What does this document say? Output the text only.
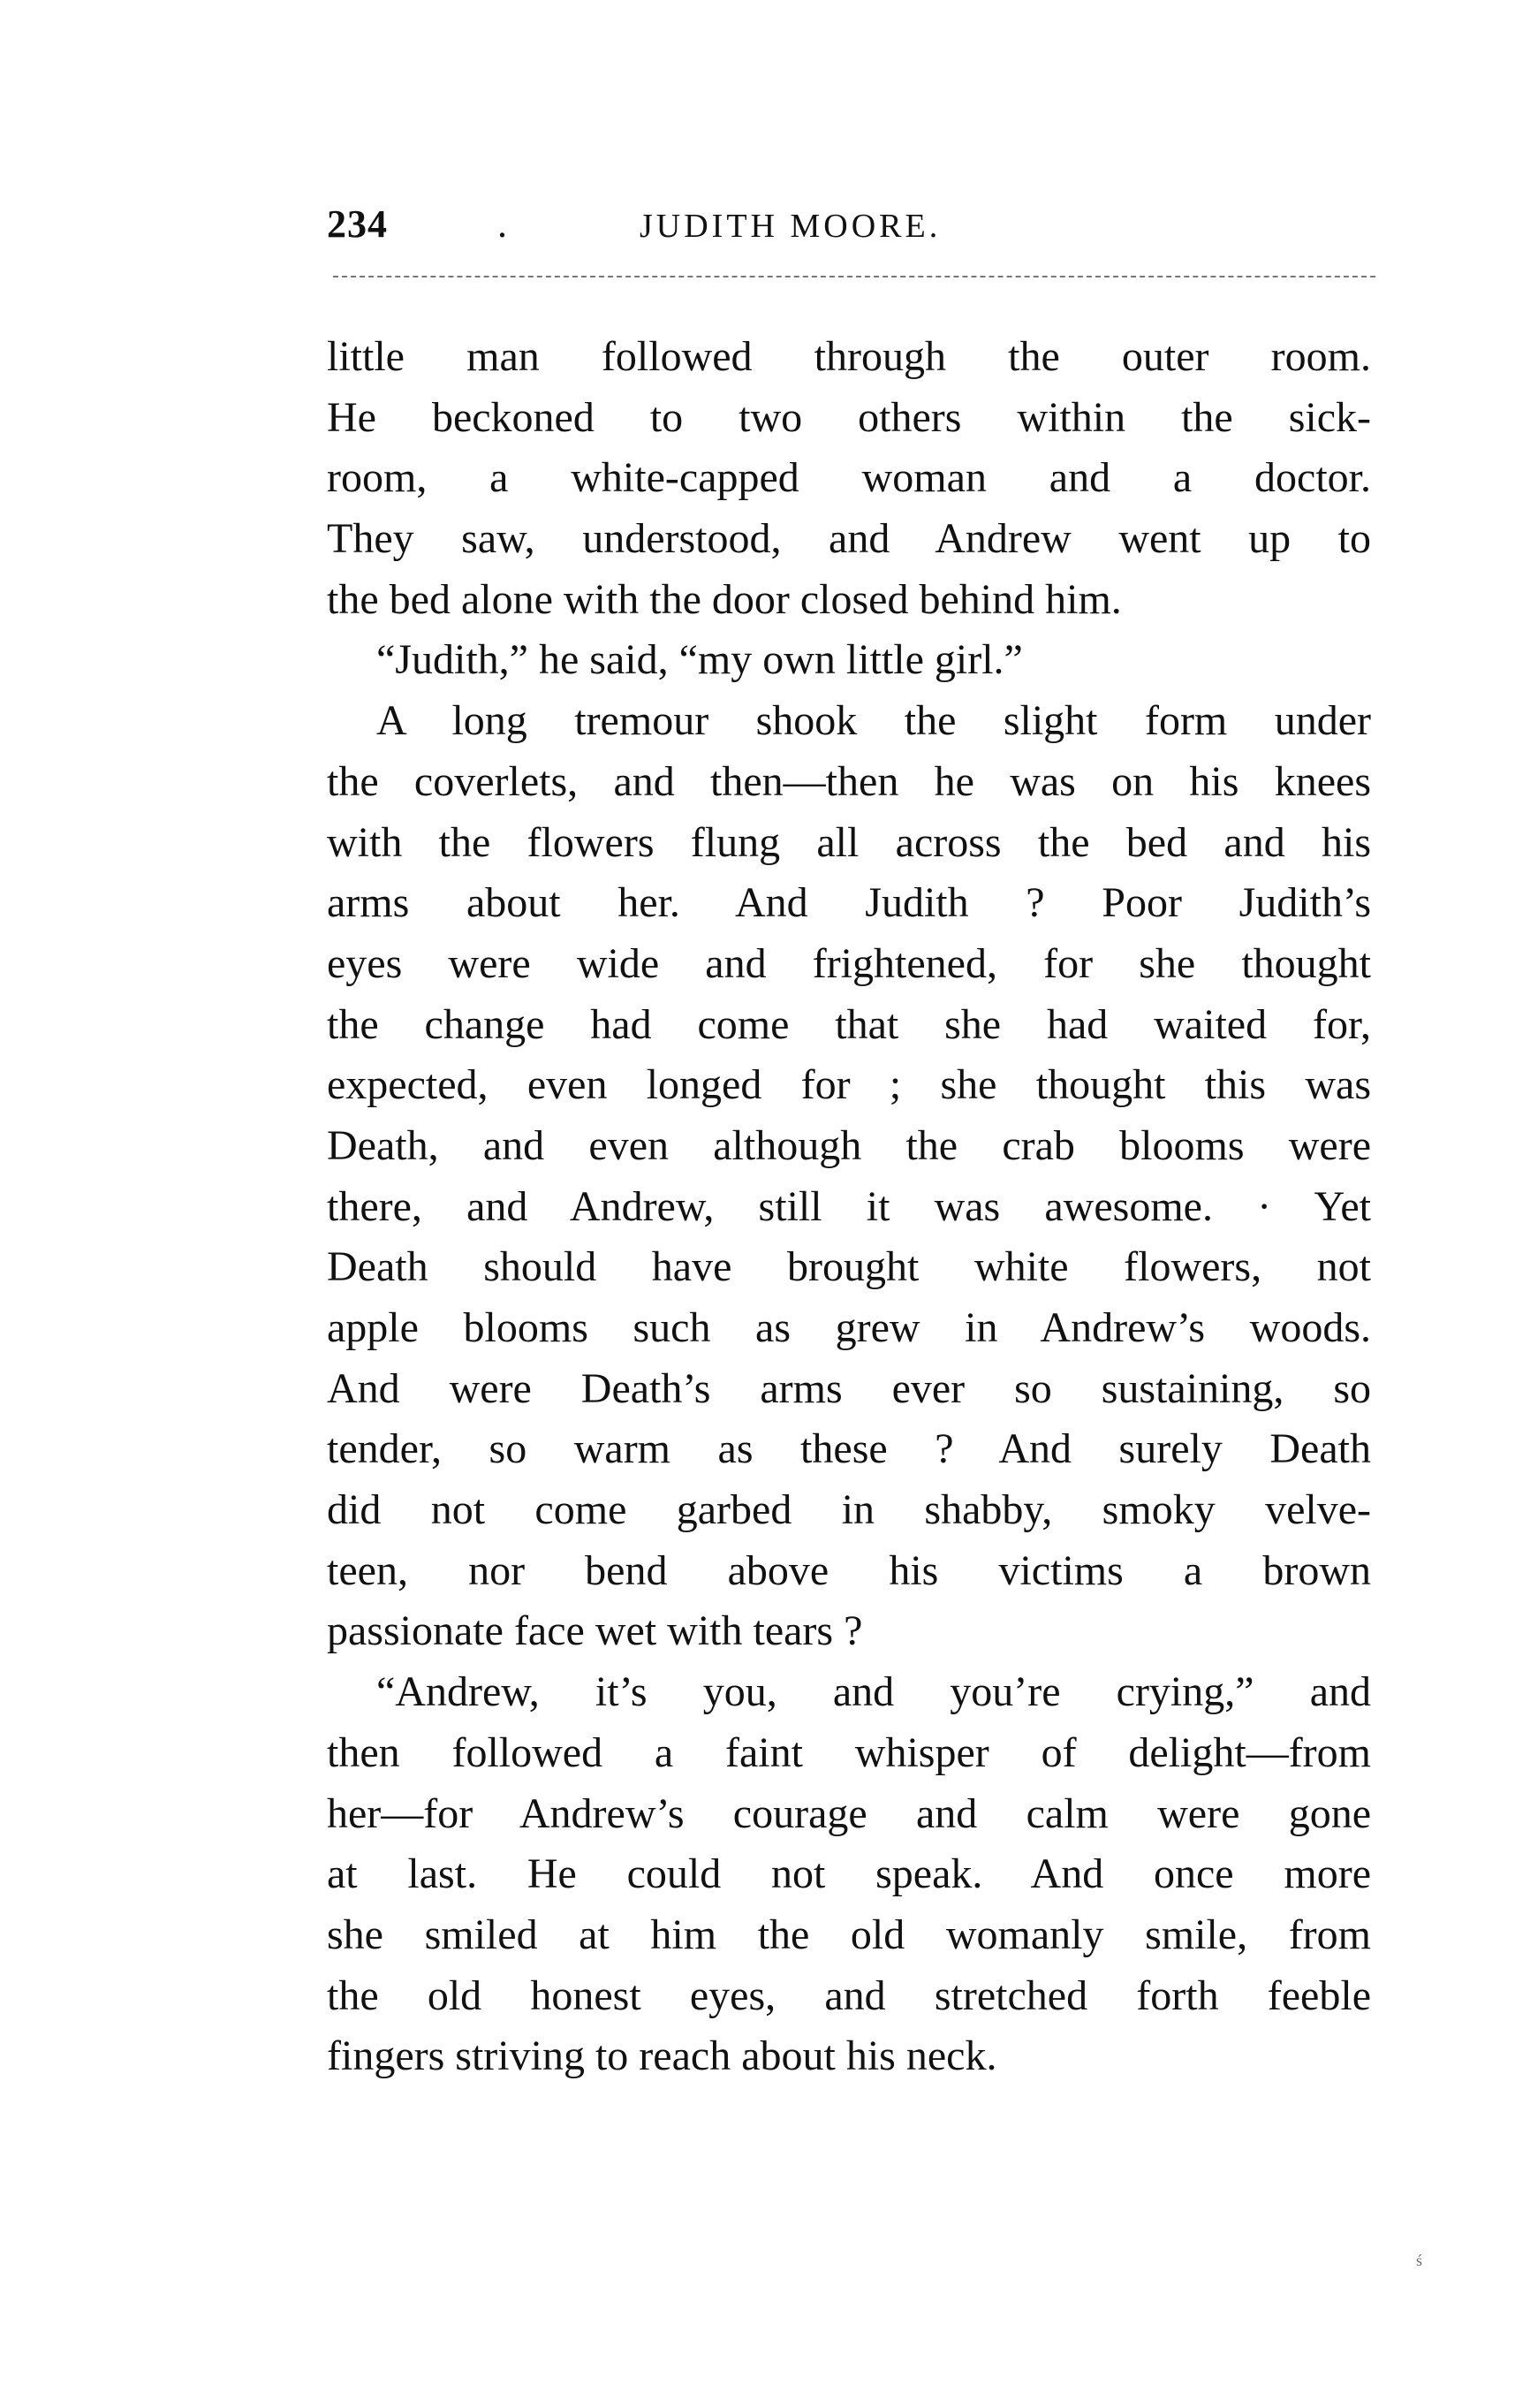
234	.	JUDITH MOORE.
little man followed through the outer room.
He beckoned to two others within the sick-
room, a white-capped woman and a doctor.
They saw, understood, and Andrew went up to
the bed alone with the door closed behind him.
“Judith,” he said, “my own little girl.”
A long tremour shook the slight form under
the coverlets, and then—then he was on his knees
with the flowers flung all across the bed and his
arms about her. And Judith ? Poor Judith’s
eyes were wide and frightened, for she thought
the change had come that she had waited for,
expected, even longed for ; she thought this was
Death, and even although the crab blooms were
there, and Andrew, still it was awesome. · Yet
Death should have brought white flowers, not
apple blooms such as grew in Andrew’s woods.
And were Death’s arms ever so sustaining, so
tender, so warm as these ? And surely Death
did not come garbed in shabby, smoky velve-
teen, nor bend above his victims a brown
passionate face wet with tears ?
“Andrew, it’s you, and you’re crying,” and
then followed a faint whisper of delight—from
her—for Andrew’s courage and calm were gone
at last. He could not speak. And once more
she smiled at him the old womanly smile, from
the old honest eyes, and stretched forth feeble
fingers striving to reach about his neck.
ś
